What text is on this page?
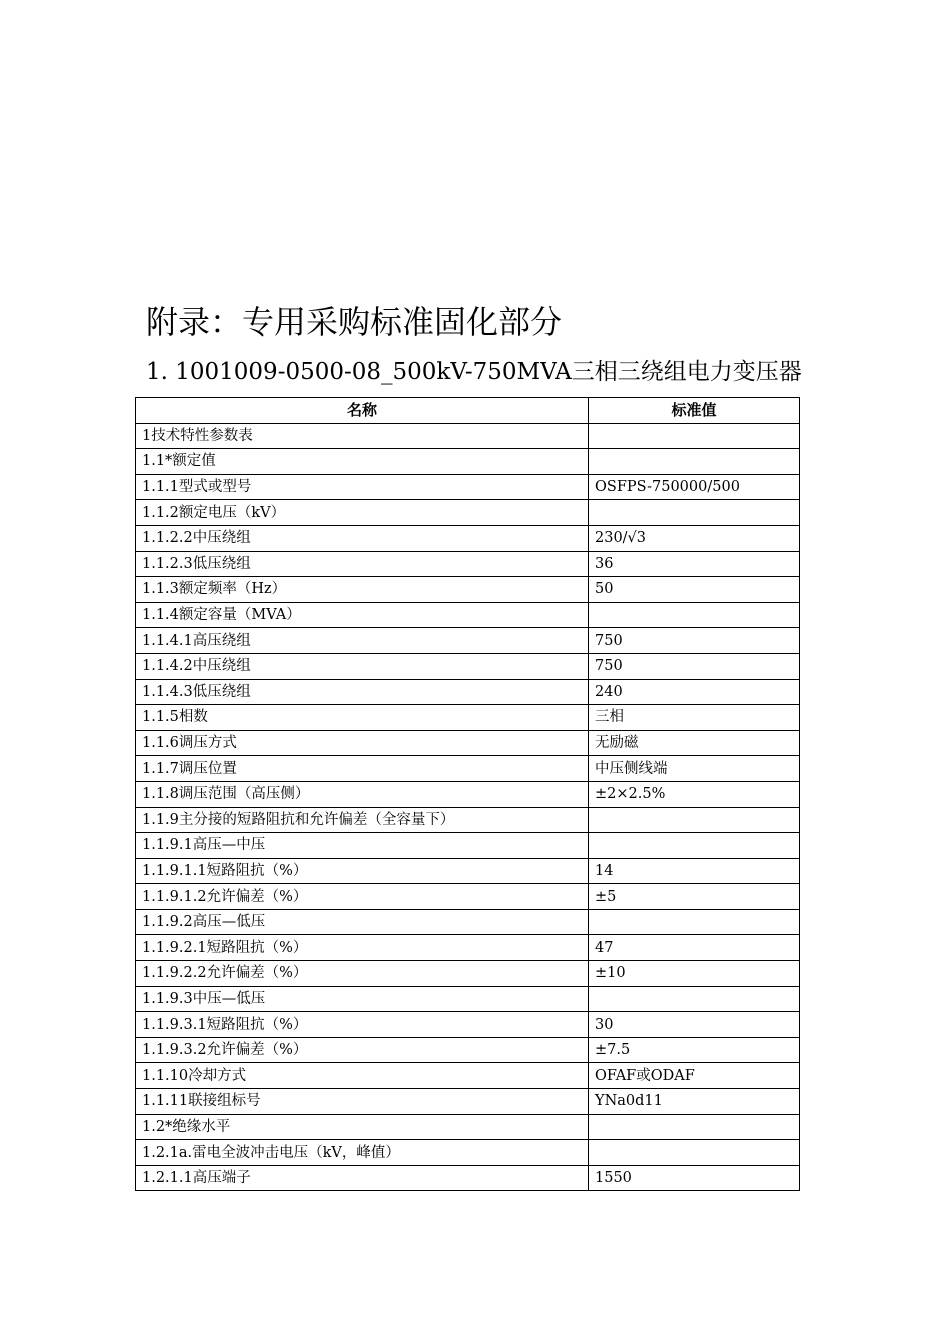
附录：专用采购标准固化部分
1. 1001009-0500-08_500kV-750MVA三相三绕组电力变压器
名称	标准值
1技术特性参数表	
1.1*额定值	
1.1.1型式或型号	OSFPS-750000/500
1.1.2额定电压（kV）	
1.1.2.2中压绕组	230/√3
1.1.2.3低压绕组	36
1.1.3额定频率（Hz）	50
1.1.4额定容量（MVA）	
1.1.4.1高压绕组	750
1.1.4.2中压绕组	750
1.1.4.3低压绕组	240
1.1.5相数	三相
1.1.6调压方式	无励磁
1.1.7调压位置	中压侧线端
1.1.8调压范围（高压侧）	±2×2.5%
1.1.9主分接的短路阻抗和允许偏差（全容量下）	
1.1.9.1高压—中压	
1.1.9.1.1短路阻抗（%）	14
1.1.9.1.2允许偏差（%）	±5
1.1.9.2高压—低压	
1.1.9.2.1短路阻抗（%）	47
1.1.9.2.2允许偏差（%）	±10
1.1.9.3中压—低压	
1.1.9.3.1短路阻抗（%）	30
1.1.9.3.2允许偏差（%）	±7.5
1.1.10冷却方式	OFAF或ODAF
1.1.11联接组标号	YNa0d11
1.2*绝缘水平	
1.2.1a.雷电全波冲击电压（kV，峰值）	
1.2.1.1高压端子	1550
